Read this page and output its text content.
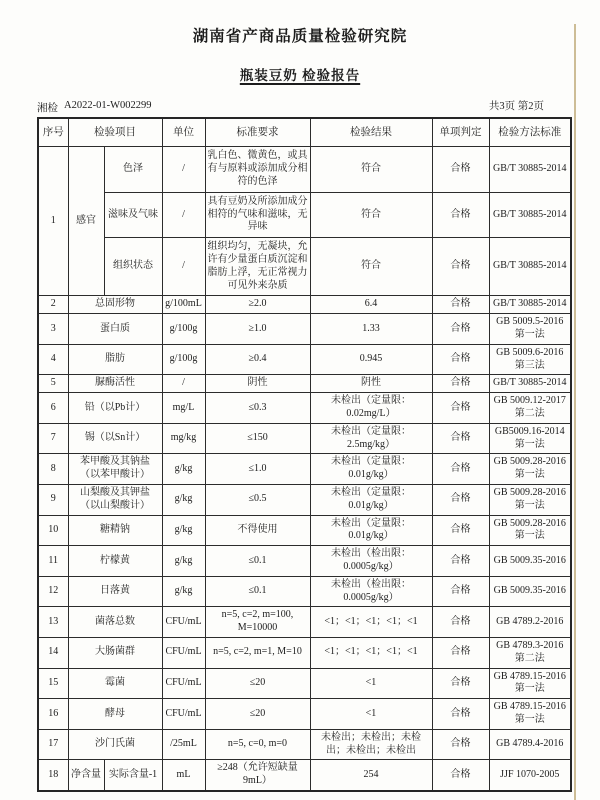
湖南省产商品质量检验研究院
瓶装豆奶 检验报告
湘检 A2022-01-W002299	共3页 第2页
序号	检验项目		单位	标准要求	检验结果	单项判定	检验方法标准
1	感官	色泽	/	乳白色、微黄色，或具有与原料或添加成分相符的色泽	符合	合格	GB/T 30885-2014
		滋味及气味	/	具有豆奶及所添加成分相符的气味和滋味，无异味	符合	合格	GB/T 30885-2014
		组织状态	/	组织均匀，无凝块，允许有少量蛋白质沉淀和脂肪上浮，无正常视力可见外来杂质	符合	合格	GB/T 30885-2014
2	总固形物		g/100mL	≥2.0	6.4	合格	GB/T 30885-2014
3	蛋白质		g/100g	≥1.0	1.33	合格	GB 5009.5-2016第一法
4	脂肪		g/100g	≥0.4	0.945	合格	GB 5009.6-2016第三法
5	脲酶活性		/	阴性	阴性	合格	GB/T 30885-2014
6	铅（以Pb计）		mg/L	≤0.3	未检出（定量限：0.02mg/L）	合格	GB 5009.12-2017 第二法
7	锡（以Sn计）		mg/kg	≤150	未检出（定量限：2.5mg/kg）	合格	GB5009.16-2014第一法
8	苯甲酸及其钠盐（以苯甲酸计）		g/kg	≤1.0	未检出（定量限：0.01g/kg）	合格	GB 5009.28-2016 第一法
9	山梨酸及其钾盐（以山梨酸计）		g/kg	≤0.5	未检出（定量限：0.01g/kg）	合格	GB 5009.28-2016 第一法
10	糖精钠		g/kg	不得使用	未检出（定量限：0.01g/kg）	合格	GB 5009.28-2016 第一法
11	柠檬黄		g/kg	≤0.1	未检出（检出限：0.0005g/kg）	合格	GB 5009.35-2016
12	日落黄		g/kg	≤0.1	未检出（检出限：0.0005g/kg）	合格	GB 5009.35-2016
13	菌落总数		CFU/mL	n=5, c=2, m=100, M=10000	<1；<1；<1；<1；<1	合格	GB 4789.2-2016
14	大肠菌群		CFU/mL	n=5, c=2, m=1, M=10	<1；<1；<1；<1；<1	合格	GB 4789.3-2016第二法
15	霉菌		CFU/mL	≤20	<1	合格	GB 4789.15-2016第一法
16	酵母		CFU/mL	≤20	<1	合格	GB 4789.15-2016第一法
17	沙门氏菌		/25mL	n=5, c=0, m=0	未检出；未检出；未检出；未检出；未检出	合格	GB 4789.4-2016
18	净含量	实际含量-1	mL	≥248（允许短缺量9mL）	254	合格	JJF 1070-2005
